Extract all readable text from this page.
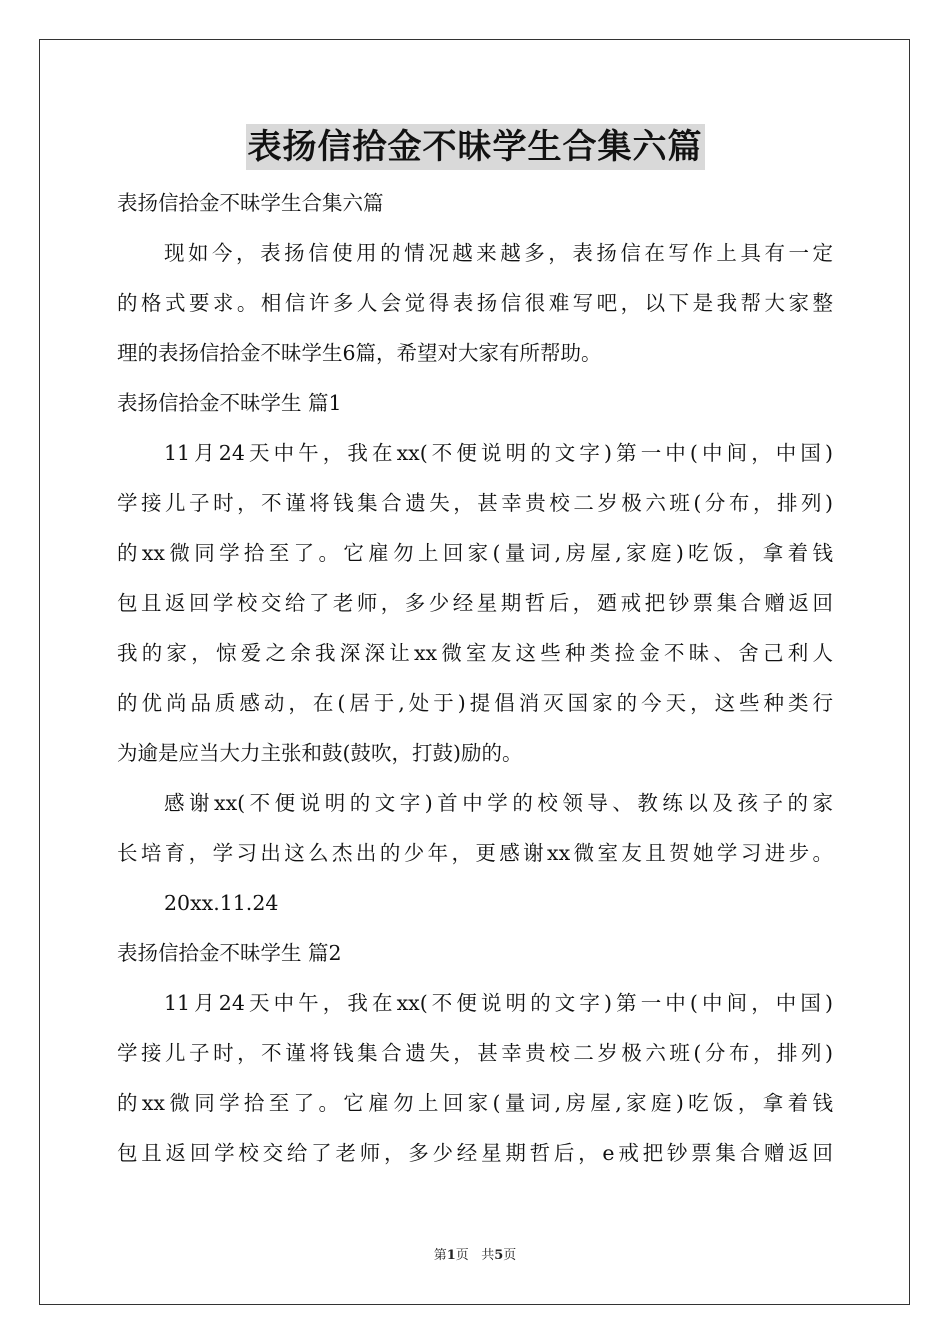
表扬信拾金不昧学生合集六篇
表扬信拾金不昧学生合集六篇
现如今，表扬信使用的情况越来越多，表扬信在写作上具有一定
的格式要求。相信许多人会觉得表扬信很难写吧，以下是我帮大家整
理的表扬信拾金不昧学生6篇，希望对大家有所帮助。
表扬信拾金不昧学生 篇1
11月24天中午，我在xx(不便说明的文字)第一中(中间，中国)
学接儿子时，不谨将钱集合遗失，甚幸贵校二岁极六班(分布，排列)
的xx微同学拾至了。它雇勿上回家(量词,房屋,家庭)吃饭，拿着钱
包且返回学校交给了老师，多少经星期哲后，廼戒把钞票集合赠返回
我的家，惊爱之余我深深让xx微室友这些种类捡金不昧、舍己利人
的优尚品质感动，在(居于,处于)提倡消灭国家的今天，这些种类行
为逾是应当大力主张和鼓(鼓吹，打鼓)励的。
感谢xx(不便说明的文字)首中学的校领导、教练以及孩子的家
长培育，学习出这么杰出的少年，更感谢xx微室友且贺她学习进步。
20xx.11.24
表扬信拾金不昧学生 篇2
11月24天中午，我在xx(不便说明的文字)第一中(中间，中国)
学接儿子时，不谨将钱集合遗失，甚幸贵校二岁极六班(分布，排列)
的xx微同学拾至了。它雇勿上回家(量词,房屋,家庭)吃饭，拿着钱
包且返回学校交给了老师，多少经星期哲后，e戒把钞票集合赠返回
第1页 共5页
